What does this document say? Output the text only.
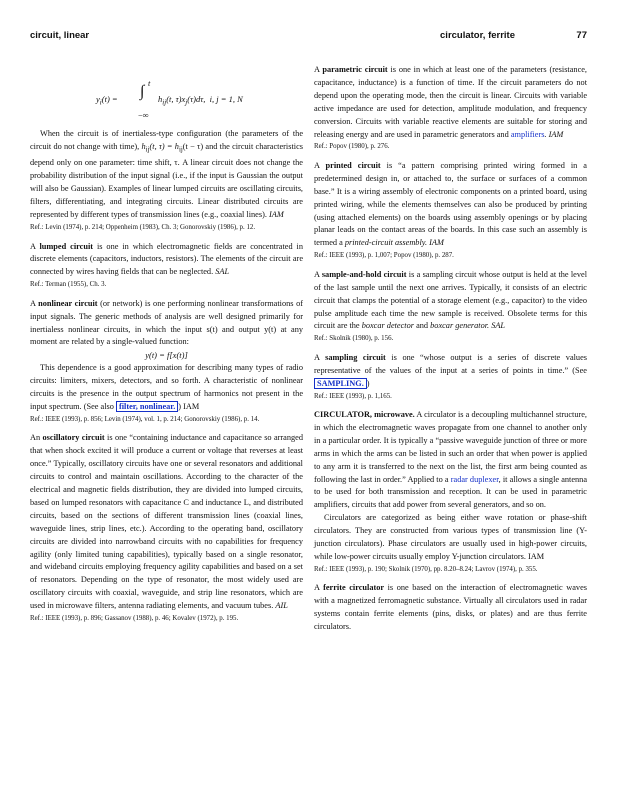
circuit, linear	circulator, ferrite	77
$y_i(t)$ =
t
∫
−∞
$h_{ij}(t$, $\tau)x_j(\tau)d\tau$, i, j = 1, N

When the circuit is of inertialess-type configuration (the parameters of the circuit do not change with time), $h_{ij}(t$, $\tau) = h_{ij}(t - \tau)$ and the circuit characteristics depend only on one parameter: time shift, τ. A linear circuit does not change the probability distribution of the input signal (i.e., if the input is Gaussian the output will also be Gaussian). Examples of linear lumped circuits are oscillating circuits, filters, differentiating, and integrating circuits. Linear distributed circuits are represented by different types of transmission lines (e.g., coaxial lines). IAM

Ref.: Levin (1974), p. 214; Oppenheim (1983), Ch. 3; Gonorovskiy (1986), p. 12.

A lumped circuit is one in which electromagnetic fields are concentrated in discrete elements (capacitors, inductors, resistors). The elements of the circuit are connected by wires having fields that can be neglected. SAL

Ref.: Terman (1955), Ch. 3.

A nonlinear circuit (or network) is one performing nonlinear transformations of input signals. The generic methods of analysis are well designed primarily for inertialess nonlinear circuits, in which the input s(t) and output y(t) at any moment are related by a single-valued function:

y(t) = f[x(t)]

This dependence is a good approximation for describing many types of radio circuits: limiters, mixers, detectors, and so forth. A characteristic of nonlinear circuits is the presence in the output spectrum of harmonics not present in the input spectrum. (See also filter, nonlinear. ) IAM

Ref.: IEEE (1993), p. 856; Levin (1974), vol. 1, p. 214; Gonorovskiy (1986), p. 14.

An oscillatory circuit is one “containing inductance and capacitance so arranged that when shock excited it will produce a current or voltage that reverses at least once.” Typically, oscillatory circuits have one or several resonators and additional circuits to control and maintain oscillations. According to the character of the electrical and magnetic fields distribution, they are divided into lumped circuits, based on lumped resonators with capacitance C and inductance L, and distributed circuits, based on the sections of different transmission lines (coaxial lines, waveguide lines, strip lines, etc.). According to the operating band, oscillatory circuits are divided into narrowband circuits with no capabilities for frequency agility (only limited tuning capabilities), typically based on a single resonator, and wideband circuits employing frequency agility capabilities and based on a set of resonators. Depending on the type of resonator, the most widely used are oscillatory circuits with coaxial, waveguide, and strip line resonators, which are used in microwave filters, antenna radiating elements, and vacuum tubes. AIL

Ref.: IEEE (1993), p. 896; Gassanov (1988), p. 46; Kovalev (1972), p. 195.

A parametric circuit is one in which at least one of the parameters (resistance, capacitance, inductance) is a function of time. If the circuit parameters do not depend upon the operating mode, then the circuit is linear. Circuits with variable active impedance are used for detection, amplitude modulation, and frequency conversion. Circuits with variable reactive elements are suitable for storing and releasing energy and are used in parametric generators and amplifiers. IAM

Ref.: Popov (1980), p. 276.

A printed circuit is “a pattern comprising printed wiring formed in a predetermined design in, or attached to, the surface or surfaces of a common base.” It is a wiring assembly of electronic components on a printed board, using printed wiring, while the elements themselves can also be produced by printing (using attached elements) on the boards using assembly openings or by placing planar leads on the contact areas of the boards. In this case such an assembly is termed a printed-circuit assembly. IAM

Ref.: IEEE (1993), p. 1,007; Popov (1980), p. 287.

A sample-and-hold circuit is a sampling circuit whose output is held at the level of the last sample until the next one arrives. Typically, it consists of an electric circuit that clamps the potential of a storage element (e.g., capacitor) to the video pulse amplitude each time the new sample is received. Obsolete terms for this circuit are the boxcar detector and boxcar generator. SAL

Ref.: Skolnik (1980), p. 156.

A sampling circuit is one “whose output is a series of discrete values representative of the values of the input at a series of points in time.” (See SAMPLING. )

Ref.: IEEE (1993), p. 1,165.

CIRCULATOR, microwave. A circulator is a decoupling multichannel structure, in which the electromagnetic waves propagate from one channel to another only in a particular order. It is typically a “passive waveguide junction of three or more arms in which the arms can be listed in such an order that when power is applied to any arm it is transferred to the next on the list, the first arm being counted as following the last in order.” Applied to a radar duplexer, it allows a single antenna to be used for both transmission and reception. It can be used in parametric amplifiers, circuits that add power from several generators, and so on.

Circulators are categorized as being either wave rotation or phase-shift circulators. They are constructed from various types of transmission line (Y-junction circulators). Phase circulators are usually used in high-power circuits, while low-power circuits usually employ Y-junction circulators. IAM

Ref.: IEEE (1993), p. 190; Skolnik (1970), pp. 8.20–8.24; Lavrov (1974), p. 355.

A ferrite circulator is one based on the interaction of electromagnetic waves with a magnetized ferromagnetic substance. Virtually all circulators used in radar systems contain ferrite elements (pins, disks, or plates) and are thus ferrite circulators.
